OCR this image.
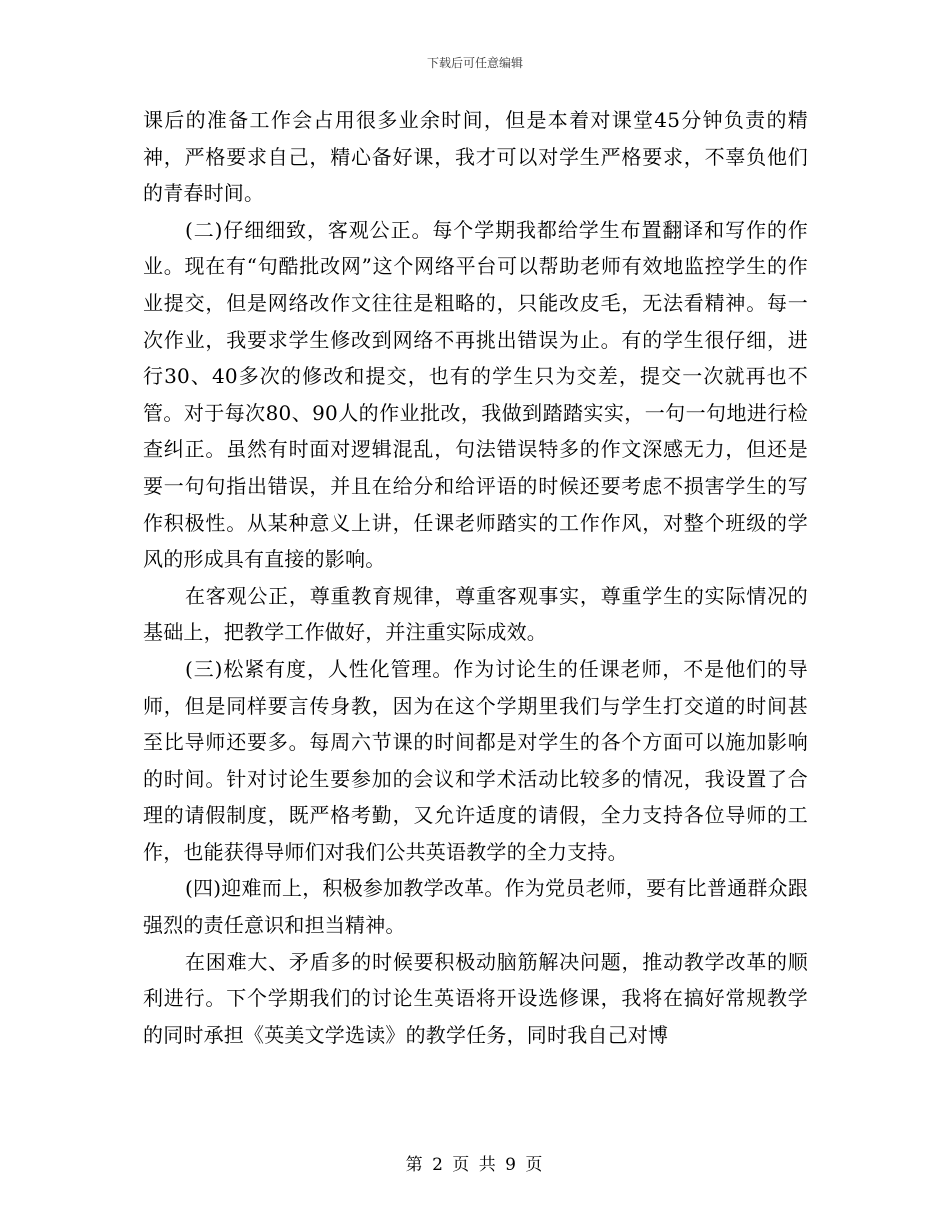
下载后可任意编辑

课后的准备工作会占用很多业余时间，但是本着对课堂45分钟负责的精神，严格要求自己，精心备好课，我才可以对学生严格要求，不辜负他们的青春时间。

(二)仔细细致，客观公正。每个学期我都给学生布置翻译和写作的作业。现在有“句酷批改网”这个网络平台可以帮助老师有效地监控学生的作业提交，但是网络改作文往往是粗略的，只能改皮毛，无法看精神。每一次作业，我要求学生修改到网络不再挑出错误为止。有的学生很仔细，进行30、40多次的修改和提交，也有的学生只为交差，提交一次就再也不管。对于每次80、90人的作业批改，我做到踏踏实实，一句一句地进行检查纠正。虽然有时面对逻辑混乱，句法错误特多的作文深感无力，但还是要一句句指出错误，并且在给分和给评语的时候还要考虑不损害学生的写作积极性。从某种意义上讲，任课老师踏实的工作作风，对整个班级的学风的形成具有直接的影响。

在客观公正，尊重教育规律，尊重客观事实，尊重学生的实际情况的基础上，把教学工作做好，并注重实际成效。

(三)松紧有度，人性化管理。作为讨论生的任课老师，不是他们的导师，但是同样要言传身教，因为在这个学期里我们与学生打交道的时间甚至比导师还要多。每周六节课的时间都是对学生的各个方面可以施加影响的时间。针对讨论生要参加的会议和学术活动比较多的情况，我设置了合理的请假制度，既严格考勤，又允许适度的请假，全力支持各位导师的工作，也能获得导师们对我们公共英语教学的全力支持。

(四)迎难而上，积极参加教学改革。作为党员老师，要有比普通群众跟强烈的责任意识和担当精神。

在困难大、矛盾多的时候要积极动脑筋解决问题，推动教学改革的顺利进行。下个学期我们的讨论生英语将开设选修课，我将在搞好常规教学的同时承担《英美文学选读》的教学任务，同时我自己对博

第 2 页 共 9 页
